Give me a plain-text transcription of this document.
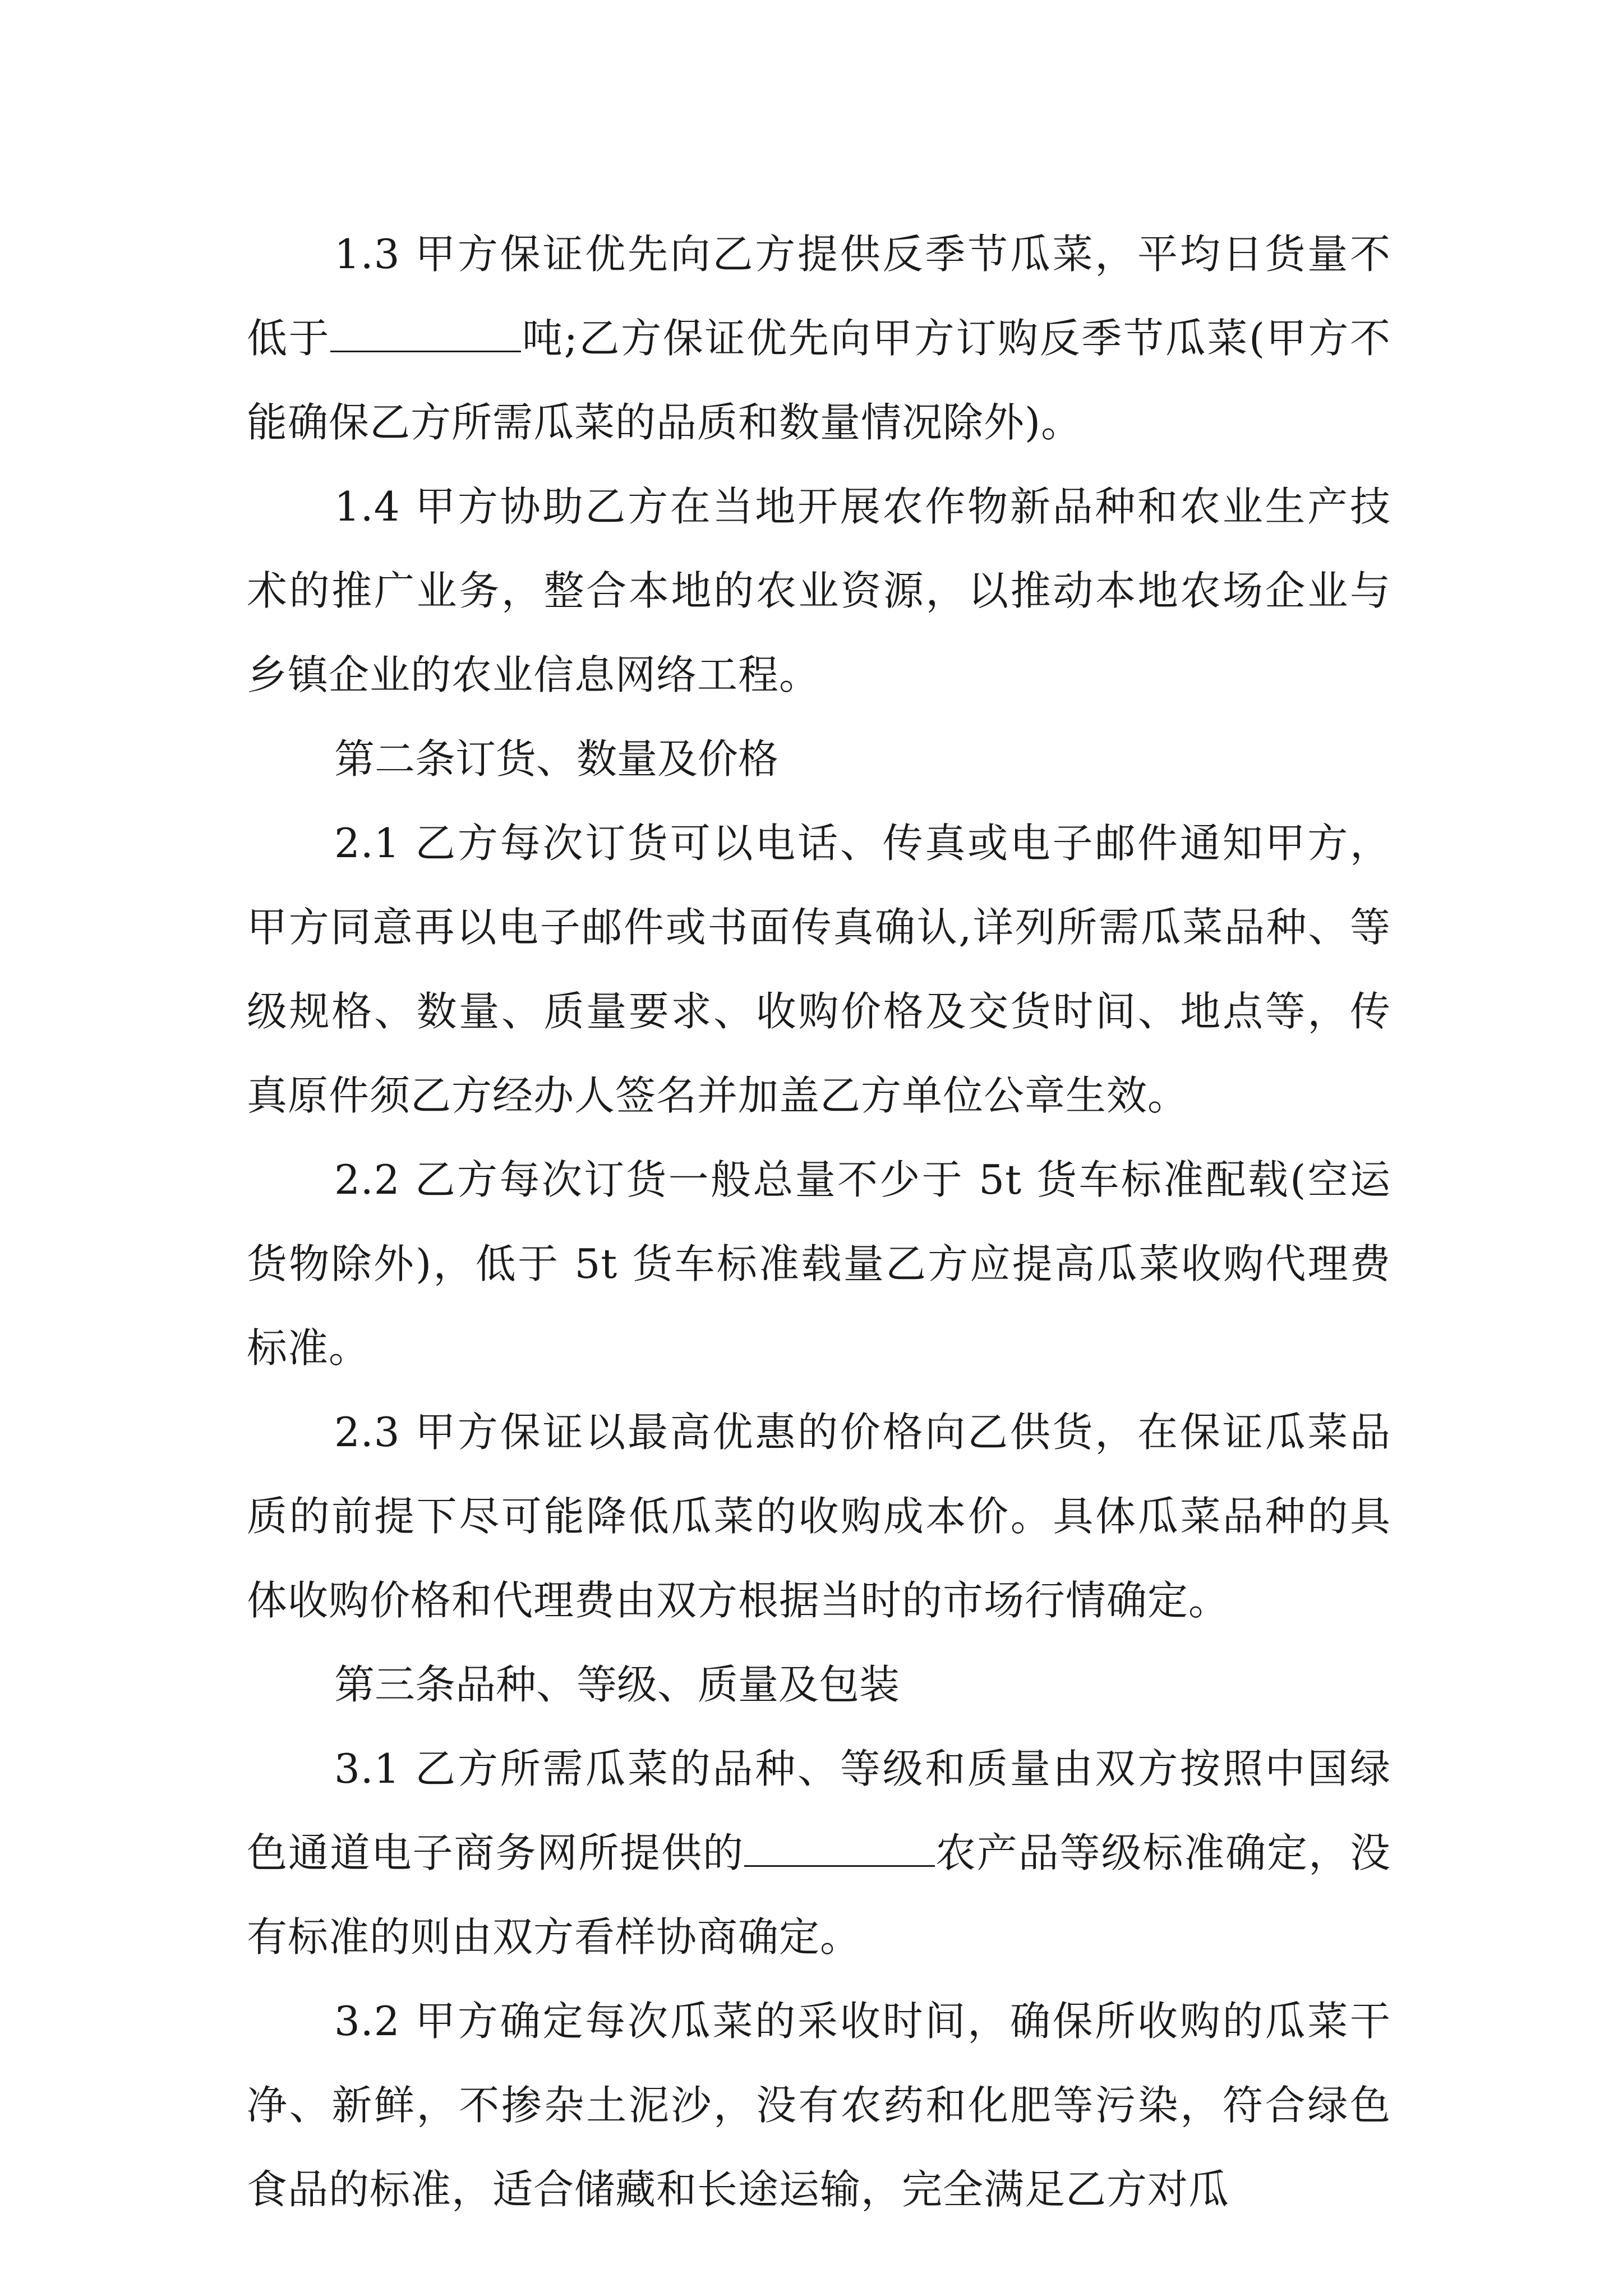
1.3 甲方保证优先向乙方提供反季节瓜菜，平均日货量不低于	吨;乙方保证优先向甲方订购反季节瓜菜(甲方不能确保乙方所需瓜菜的品质和数量情况除外)。

1.4 甲方协助乙方在当地开展农作物新品种和农业生产技术的推广业务，整合本地的农业资源，以推动本地农场企业与乡镇企业的农业信息网络工程。

第二条订货、数量及价格

2.1 乙方每次订货可以电话、传真或电子邮件通知甲方，甲方同意再以电子邮件或书面传真确认,详列所需瓜菜品种、等级规格、数量、质量要求、收购价格及交货时间、地点等，传真原件须乙方经办人签名并加盖乙方单位公章生效。

2.2 乙方每次订货一般总量不少于 5t 货车标准配载(空运货物除外)，低于 5t 货车标准载量乙方应提高瓜菜收购代理费标准。

2.3 甲方保证以最高优惠的价格向乙供货，在保证瓜菜品质的前提下尽可能降低瓜菜的收购成本价。具体瓜菜品种的具体收购价格和代理费由双方根据当时的市场行情确定。

第三条品种、等级、质量及包装

3.1 乙方所需瓜菜的品种、等级和质量由双方按照中国绿色通道电子商务网所提供的	农产品等级标准确定，没有标准的则由双方看样协商确定。

3.2 甲方确定每次瓜菜的采收时间，确保所收购的瓜菜干净、新鲜，不掺杂土泥沙，没有农药和化肥等污染，符合绿色食品的标准，适合储藏和长途运输，完全满足乙方对瓜
